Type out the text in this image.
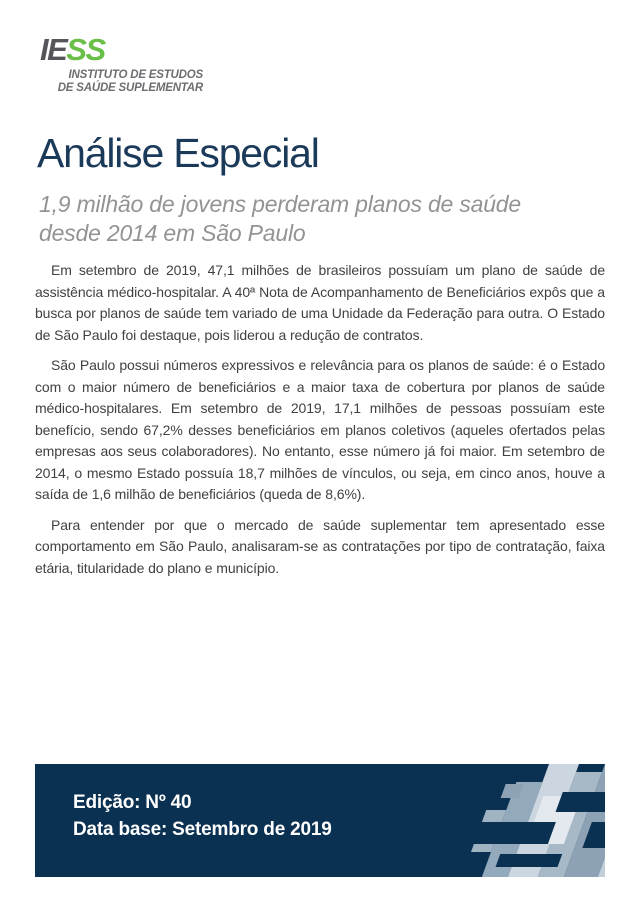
IESS
INSTITUTO DE ESTUDOS
DE SAÚDE SUPLEMENTAR
Análise Especial
1,9 milhão de jovens perderam planos de saúde desde 2014 em São Paulo

Em setembro de 2019, 47,1 milhões de brasileiros possuíam um plano de saúde de assistência médico-hospitalar. A 40ª Nota de Acompanhamento de Beneficiários expôs que a busca por planos de saúde tem variado de uma Unidade da Federação para outra. O Estado de São Paulo foi destaque, pois liderou a redução de contratos.

São Paulo possui números expressivos e relevância para os planos de saúde: é o Estado com o maior número de beneficiários e a maior taxa de cobertura por planos de saúde médico-hospitalares. Em setembro de 2019, 17,1 milhões de pessoas possuíam este benefício, sendo 67,2% desses beneficiários em planos coletivos (aqueles ofertados pelas empresas aos seus colaboradores). No entanto, esse número já foi maior. Em setembro de 2014, o mesmo Estado possuía 18,7 milhões de vínculos, ou seja, em cinco anos, houve a saída de 1,6 milhão de beneficiários (queda de 8,6%).

Para entender por que o mercado de saúde suplementar tem apresentado esse comportamento em São Paulo, analisaram-se as contratações por tipo de contratação, faixa etária, titularidade do plano e município.

Edição: Nº 40
Data base: Setembro de 2019
